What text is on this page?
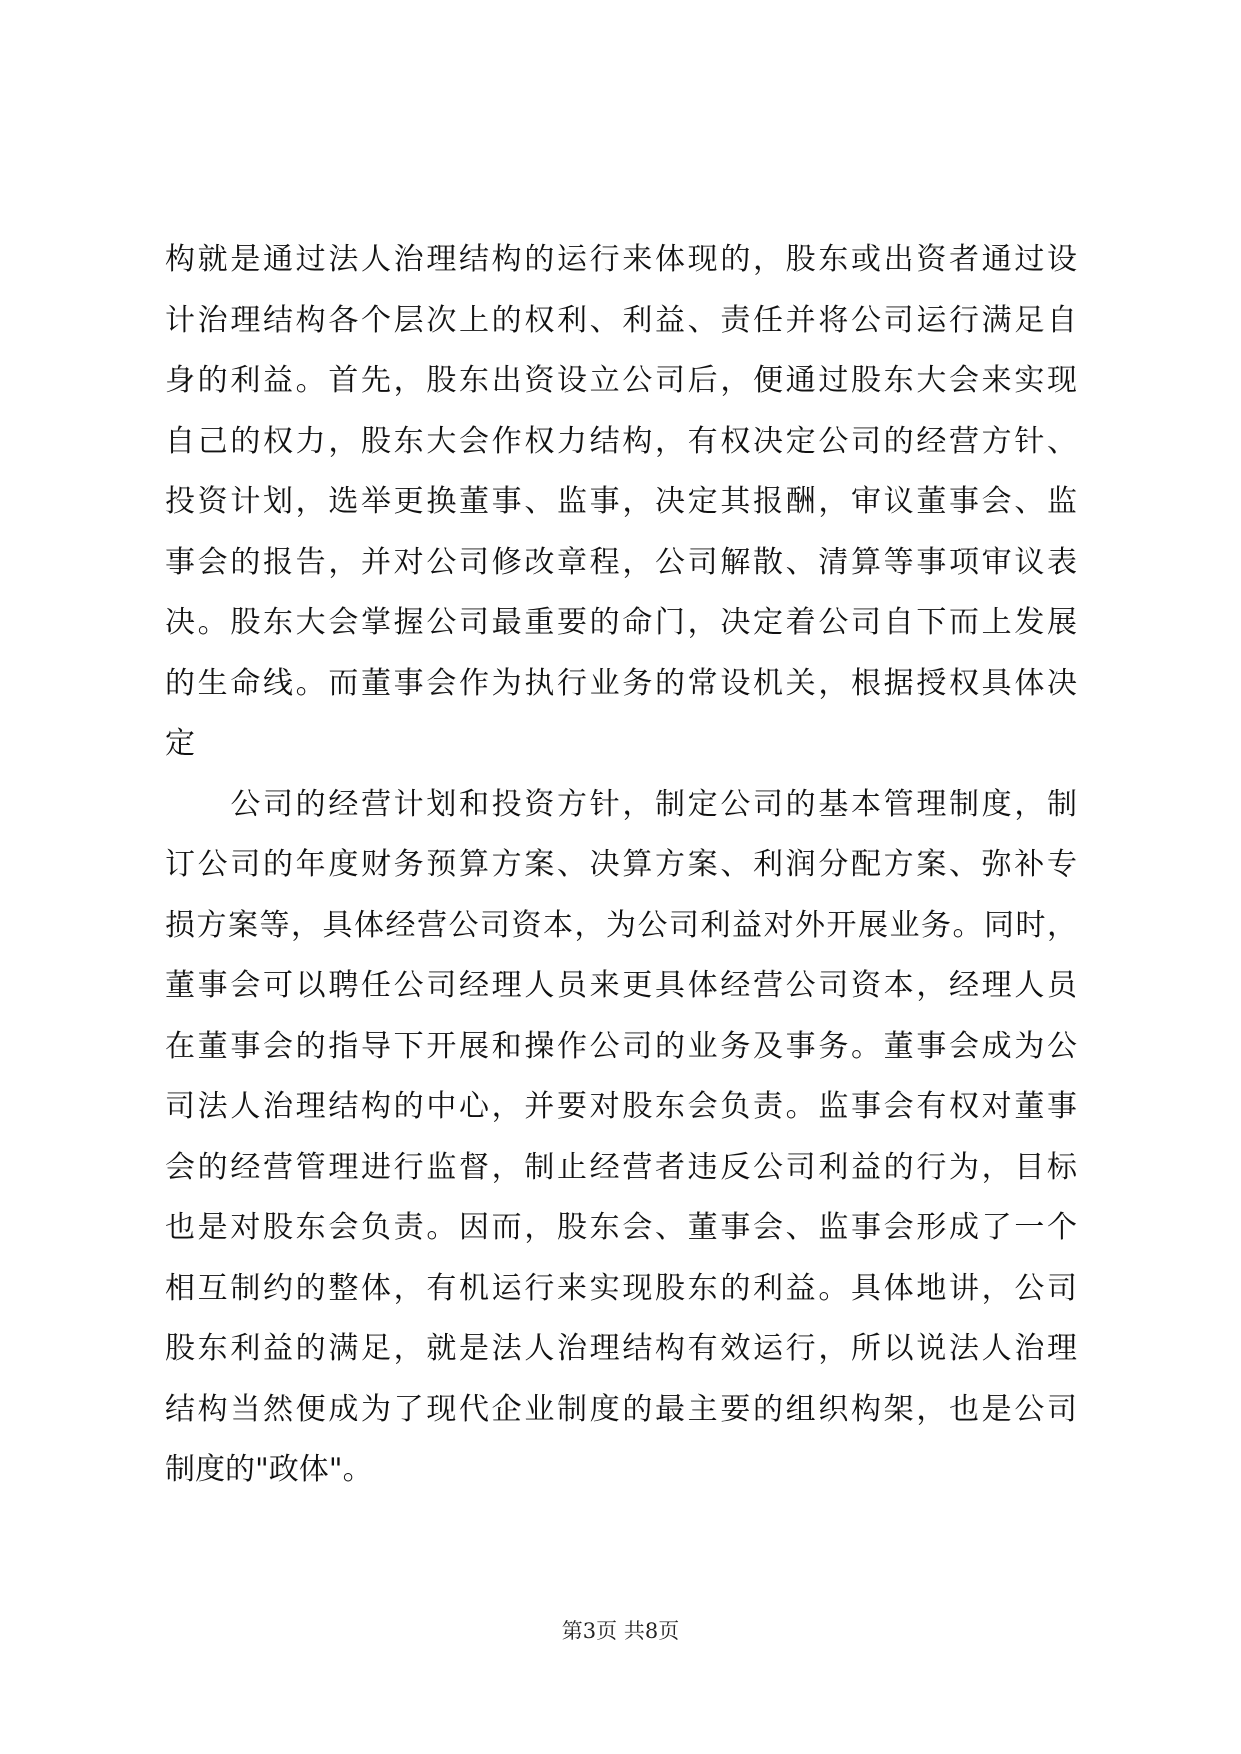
构就是通过法人治理结构的运行来体现的，股东或出资者通过设
计治理结构各个层次上的权利、利益、责任并将公司运行满足自
身的利益。首先，股东出资设立公司后，便通过股东大会来实现
自己的权力，股东大会作权力结构，有权决定公司的经营方针、
投资计划，选举更换董事、监事，决定其报酬，审议董事会、监
事会的报告，并对公司修改章程，公司解散、清算等事项审议表
决。股东大会掌握公司最重要的命门，决定着公司自下而上发展
的生命线。而董事会作为执行业务的常设机关，根据授权具体决
定
　　公司的经营计划和投资方针，制定公司的基本管理制度，制
订公司的年度财务预算方案、决算方案、利润分配方案、弥补专
损方案等，具体经营公司资本，为公司利益对外开展业务。同时，
董事会可以聘任公司经理人员来更具体经营公司资本，经理人员
在董事会的指导下开展和操作公司的业务及事务。董事会成为公
司法人治理结构的中心，并要对股东会负责。监事会有权对董事
会的经营管理进行监督，制止经营者违反公司利益的行为，目标
也是对股东会负责。因而，股东会、董事会、监事会形成了一个
相互制约的整体，有机运行来实现股东的利益。具体地讲，公司
股东利益的满足，就是法人治理结构有效运行，所以说法人治理
结构当然便成为了现代企业制度的最主要的组织构架，也是公司
制度的"政体"。
第3页 共8页
